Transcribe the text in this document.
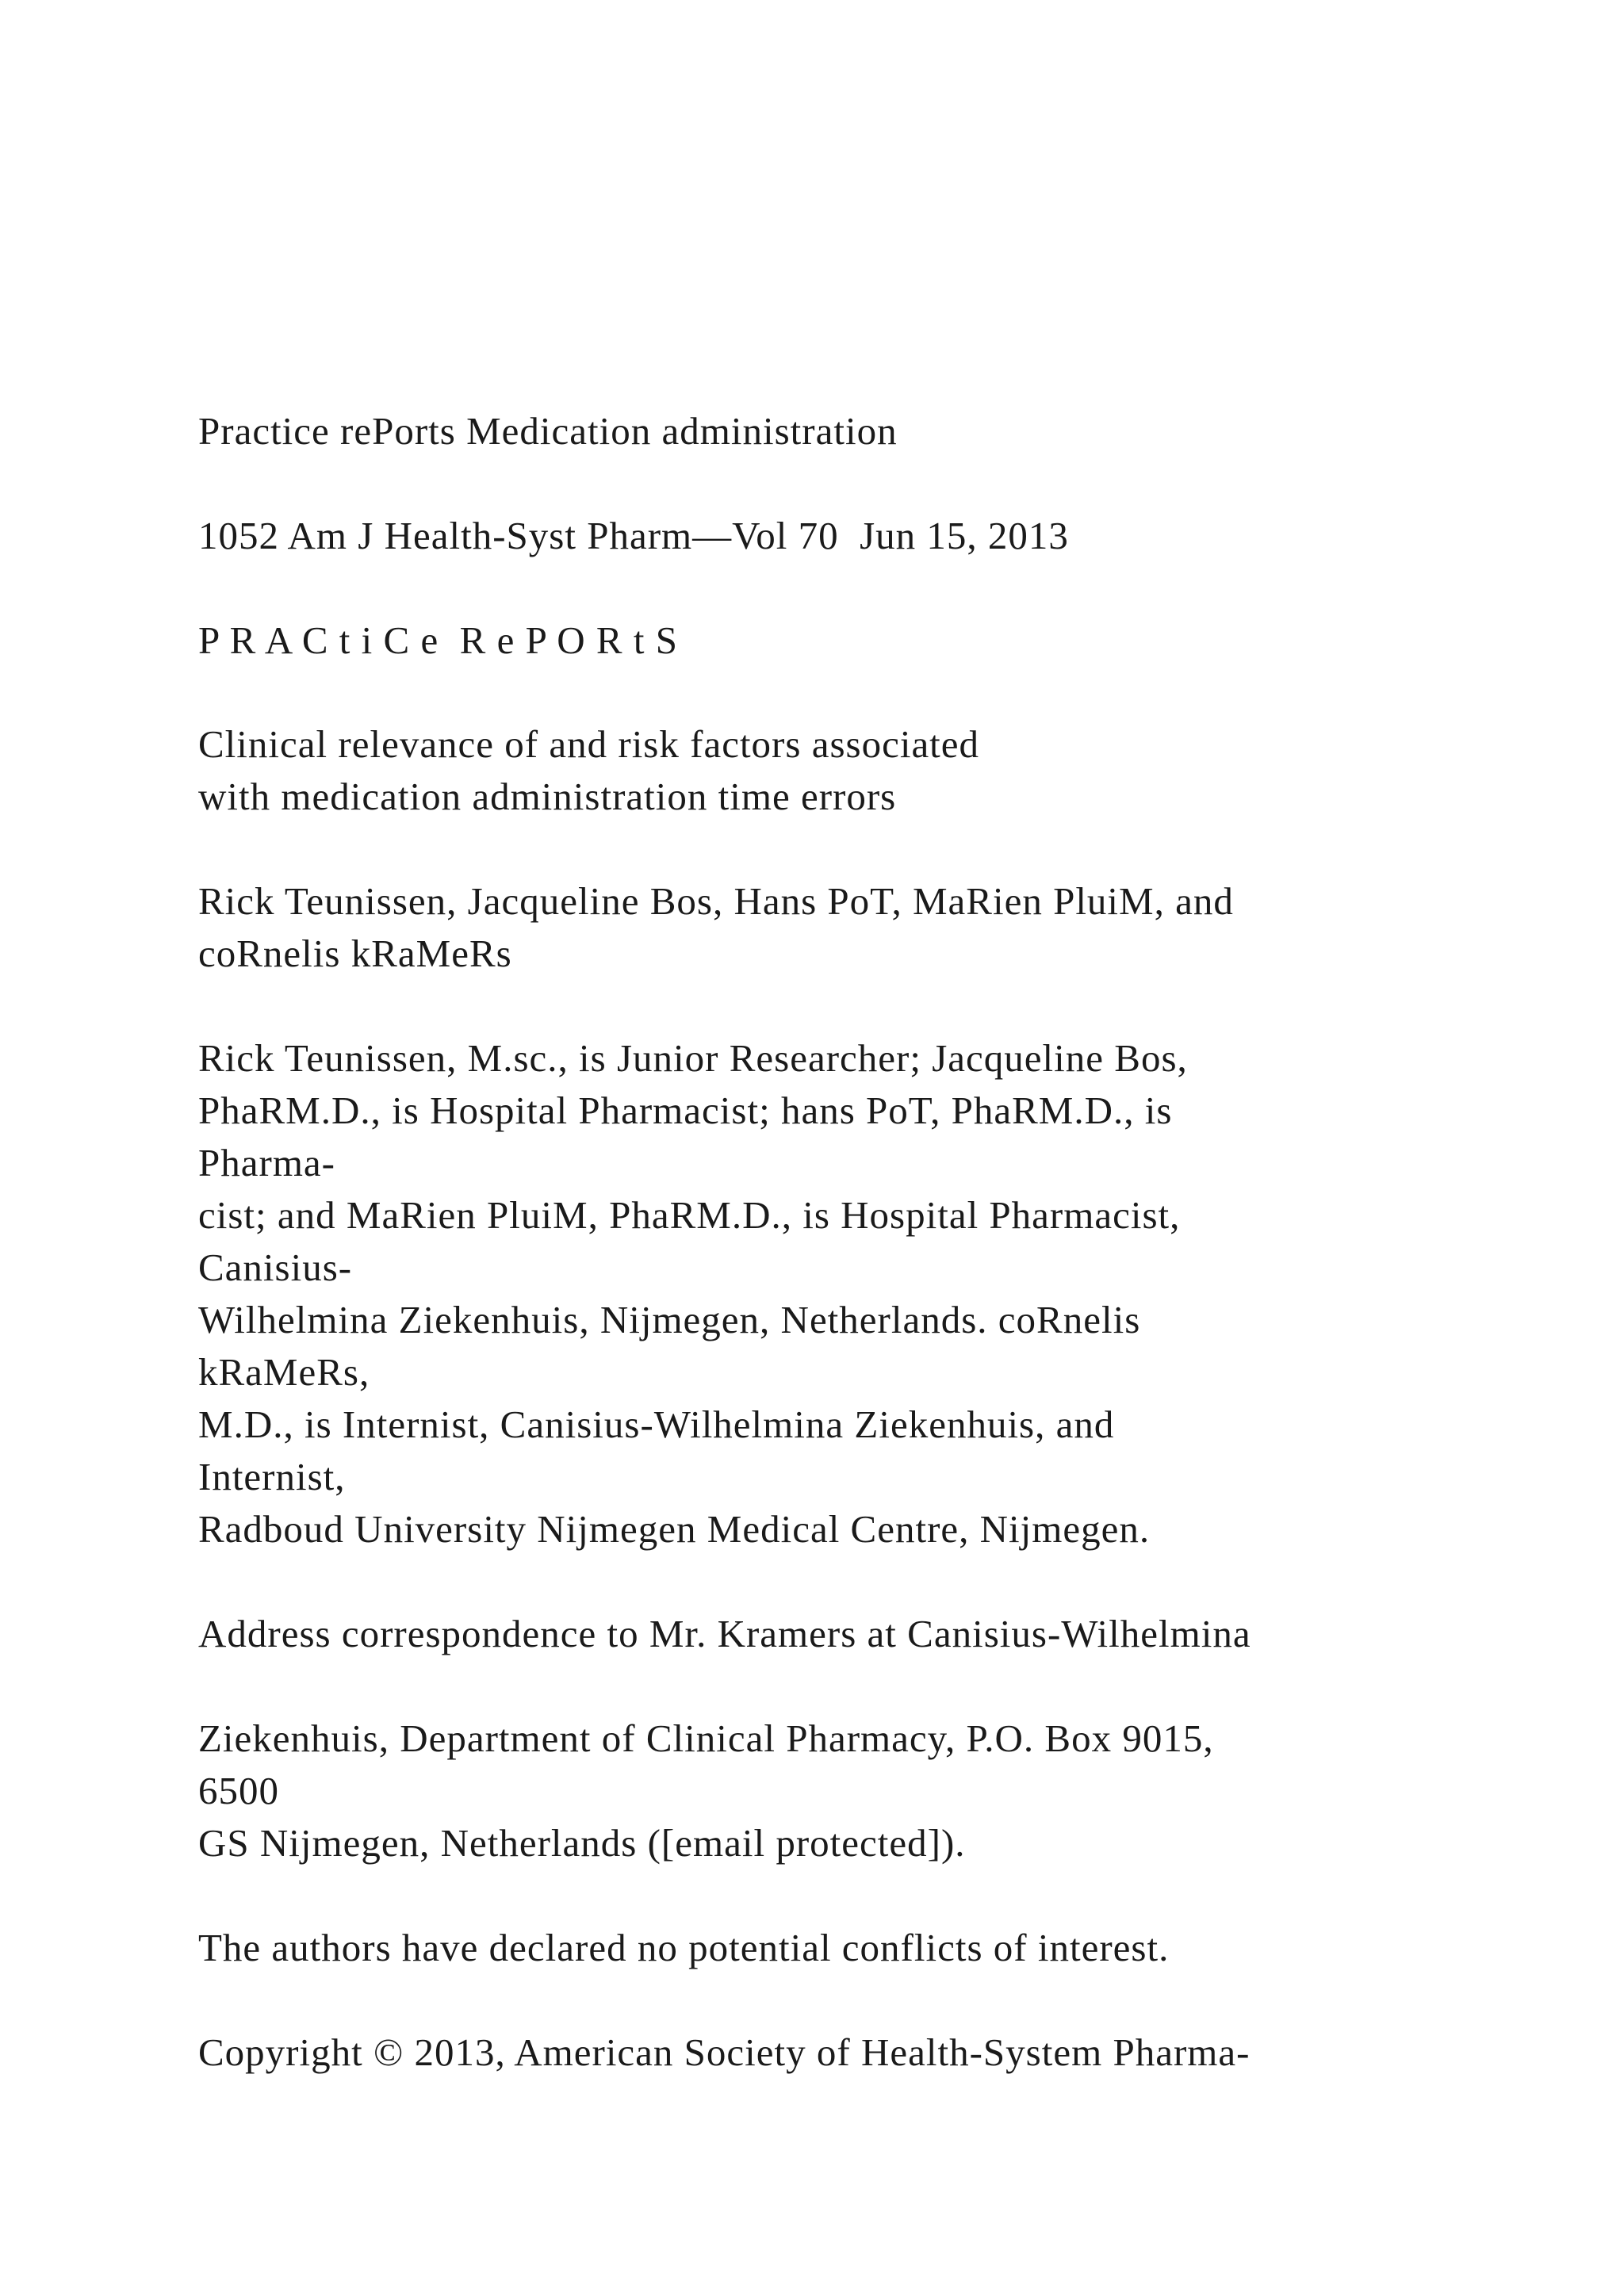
Practice rePorts Medication administration
1052 Am J Health-Syst Pharm—Vol 70  Jun 15, 2013
P R A C t i C e  R e P O R t S
Clinical relevance of and risk factors associated
with medication administration time errors
Rick Teunissen, Jacqueline Bos, Hans PoT, MaRien PluiM, and
coRnelis kRaMeRs
Rick Teunissen, M.sc., is Junior Researcher; Jacqueline Bos,
PhaRM.D., is Hospital Pharmacist; hans PoT, PhaRM.D., is
Pharma-
cist; and MaRien PluiM, PhaRM.D., is Hospital Pharmacist,
Canisius-
Wilhelmina Ziekenhuis, Nijmegen, Netherlands. coRnelis
kRaMeRs,
M.D., is Internist, Canisius-Wilhelmina Ziekenhuis, and
Internist,
Radboud University Nijmegen Medical Centre, Nijmegen.
Address correspondence to Mr. Kramers at Canisius-Wilhelmina
Ziekenhuis, Department of Clinical Pharmacy, P.O. Box 9015,
6500
GS Nijmegen, Netherlands ([email protected]).
The authors have declared no potential conflicts of interest.
Copyright © 2013, American Society of Health-System Pharma-
